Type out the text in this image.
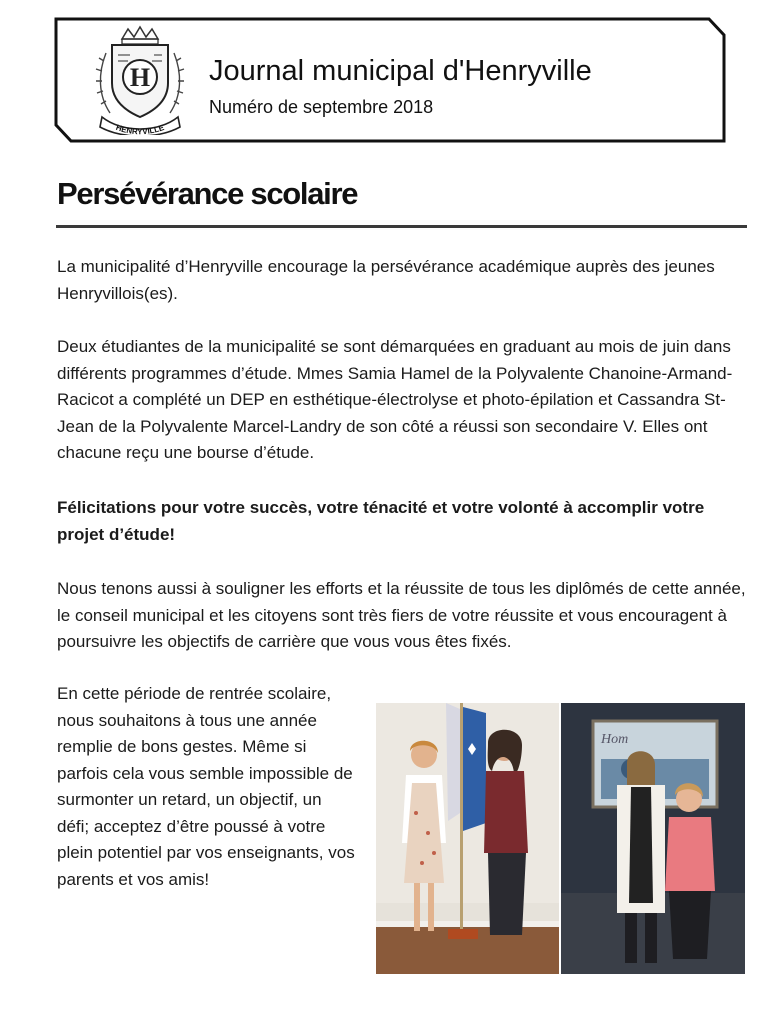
H
HENRYVILLE
Journal municipal d'Henryville
Numéro de septembre 2018
Persévérance scolaire

La municipalité d’Henryville encourage la persévérance académique auprès des jeunes Henryvillois(es).

Deux étudiantes de la municipalité se sont démarquées en graduant au mois de juin dans différents programmes d’étude. Mmes Samia Hamel de la Polyvalente Chanoine-Armand-Racicot a complété un DEP en esthétique-électrolyse et photo-épilation et Cassandra St-Jean de la Polyvalente Marcel-Landry de son côté a réussi son secondaire V. Elles ont chacune reçu une bourse d’étude.

Félicitations pour votre succès, votre ténacité et votre volonté à accomplir votre projet d’étude!

Nous tenons aussi à souligner les efforts et la réussite de tous les diplômés de cette année, le conseil municipal et les citoyens sont très fiers de votre réussite et vous encouragent à poursuivre les objectifs de carrière que vous vous êtes fixés.

En cette période de rentrée scolaire, nous souhaitons à tous une année remplie de bons gestes. Même si parfois cela vous semble impossible de surmonter un retard, un objectif, un défi; acceptez d’être poussé à votre plein potentiel par vos enseignants, vos parents et vos amis!

Hom
